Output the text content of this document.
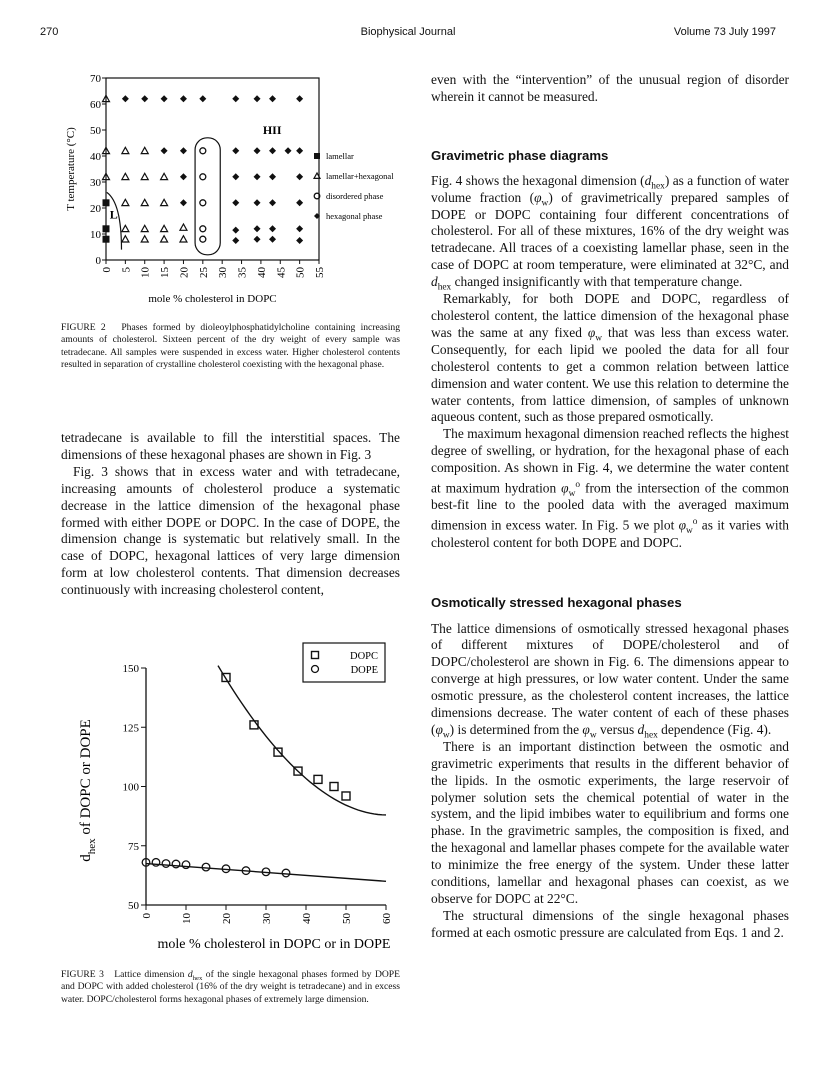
270	Biophysical Journal	Volume 73 July 1997
0
10
20
30
40
50
60
70
0 5 10 15 20 25 30 35 40 45 50 55
T temperature (°C)
mole % cholesterol in DOPC
L
HII
lamellar
lamellar+hexagonal
disordered phase
hexagonal phase
FIGURE 2 Phases formed by dioleoylphosphatidylcholine containing increasing amounts of cholesterol. Sixteen percent of the dry weight of every sample was tetradecane. All samples were suspended in excess water. Higher cholesterol contents resulted in separation of crystalline cholesterol coexisting with the hexagonal phase.

tetradecane is available to fill the interstitial spaces. The dimensions of these hexagonal phases are shown in Fig. 3

Fig. 3 shows that in excess water and with tetradecane, increasing amounts of cholesterol produce a systematic decrease in the lattice dimension of the hexagonal phase formed with either DOPE or DOPC. In the case of DOPE, the dimension change is systematic but relatively small. In the case of DOPC, hexagonal lattices of very large dimension form at low cholesterol contents. That dimension decreases continuously with increasing cholesterol content,

50
75
100
125
150
0	10	20	30	40	50	60
$d_{hex}$ of DOPC or DOPE
mole % cholesterol in DOPC or in DOPE
DOPC
DOPE
FIGURE 3 Lattice dimension $d_{hex}$ of the single hexagonal phases formed by DOPE and DOPC with added cholesterol (16% of the dry weight is tetradecane) and in excess water. DOPC/cholesterol forms hexagonal phases of extremely large dimension.

even with the “intervention” of the unusual region of disorder wherein it cannot be measured.

Gravimetric phase diagrams

Fig. 4 shows the hexagonal dimension $(d_{hex})$ as a function of water volume fraction $(\varphi_w)$ of gravimetrically prepared samples of DOPE or DOPC containing four different concentrations of cholesterol. For all of these mixtures, 16% of the dry weight was tetradecane. All traces of a coexisting lamellar phase, seen in the case of DOPC at room temperature, were eliminated at 32°C, and $d_{hex}$ changed insignificantly with that temperature change.

Remarkably, for both DOPE and DOPC, regardless of cholesterol content, the lattice dimension of the hexagonal phase was the same at any fixed $\varphi_w$ that was less than excess water. Consequently, for each lipid we pooled the data for all four cholesterol contents to get a common relation between lattice dimension and water content. We use this relation to determine the water contents, from lattice dimension, of samples of unknown aqueous content, such as those prepared osmotically.

The maximum hexagonal dimension reached reflects the highest degree of swelling, or hydration, for the hexagonal phase of each composition. As shown in Fig. 4, we determine the water content at maximum hydration $\varphi_w^o$ from the intersection of the common best-fit line to the pooled data with the averaged maximum dimension in excess water. In Fig. 5 we plot $\varphi_w^o$ as it varies with cholesterol content for both DOPE and DOPC.

Osmotically stressed hexagonal phases

The lattice dimensions of osmotically stressed hexagonal phases of different mixtures of DOPE/cholesterol and of DOPC/cholesterol are shown in Fig. 6. The dimensions appear to converge at high pressures, or low water content. Under the same osmotic pressure, as the cholesterol content increases, the lattice dimensions decrease. The water content of each of these phases $(\varphi_w)$ is determined from the $\varphi_w$ versus $d_{hex}$ dependence (Fig. 4).

There is an important distinction between the osmotic and gravimetric experiments that results in the different behavior of the lipids. In the osmotic experiments, the large reservoir of polymer solution sets the chemical potential of water in the system, and the lipid imbibes water to equilibrium and forms one phase. In the gravimetric samples, the composition is fixed, and the hexagonal and lamellar phases compete for the available water to minimize the free energy of the system. Under these latter conditions, lamellar and hexagonal phases can coexist, as we observe for DOPC at 22°C.

The structural dimensions of the single hexagonal phases formed at each osmotic pressure are calculated from Eqs. 1 and 2.
